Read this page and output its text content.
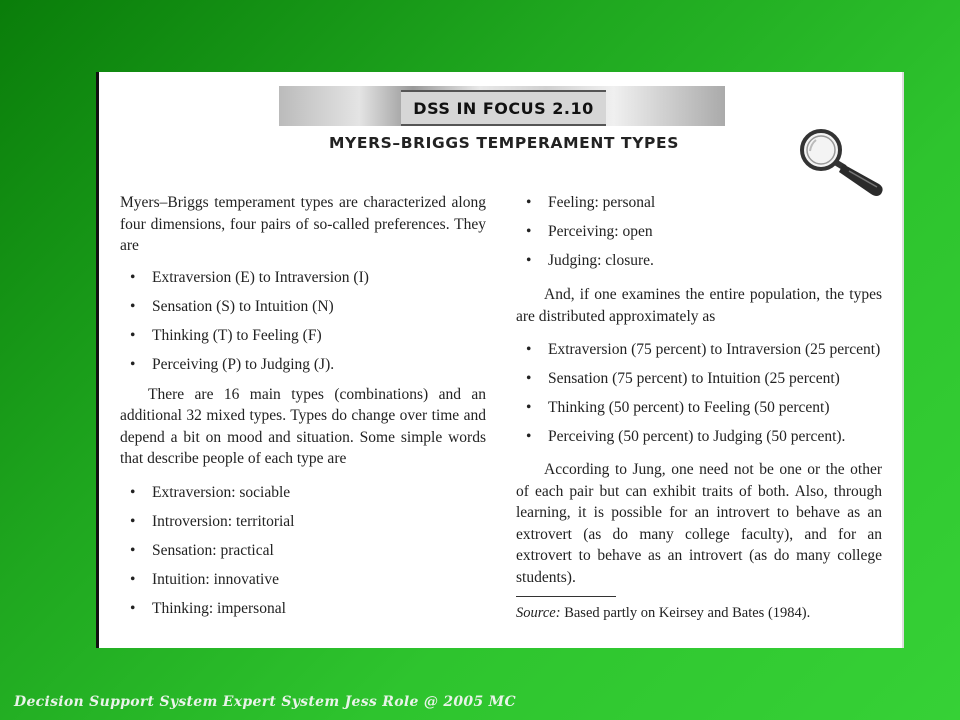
DSS IN FOCUS 2.10
MYERS–BRIGGS TEMPERAMENT TYPES

Myers–Briggs temperament types are characterized along four dimensions, four pairs of so-called preferences. They are

• Extraversion (E) to Intraversion (I)
• Sensation (S) to Intuition (N)
• Thinking (T) to Feeling (F)
• Perceiving (P) to Judging (J).

There are 16 main types (combinations) and an additional 32 mixed types. Types do change over time and depend a bit on mood and situation. Some simple words that describe people of each type are

• Extraversion: sociable
• Introversion: territorial
• Sensation: practical
• Intuition: innovative
• Thinking: impersonal
• Feeling: personal
• Perceiving: open
• Judging: closure.

And, if one examines the entire population, the types are distributed approximately as

• Extraversion (75 percent) to Intraversion (25 percent)
• Sensation (75 percent) to Intuition (25 percent)
• Thinking (50 percent) to Feeling (50 percent)
• Perceiving (50 percent) to Judging (50 percent).

According to Jung, one need not be one or the other of each pair but can exhibit traits of both. Also, through learning, it is possible for an introvert to behave as an extrovert (as do many college faculty), and for an extrovert to behave as an introvert (as do many college students).

Source: Based partly on Keirsey and Bates (1984).
Decision Support System Expert System Jess Role @ 2005 MC
